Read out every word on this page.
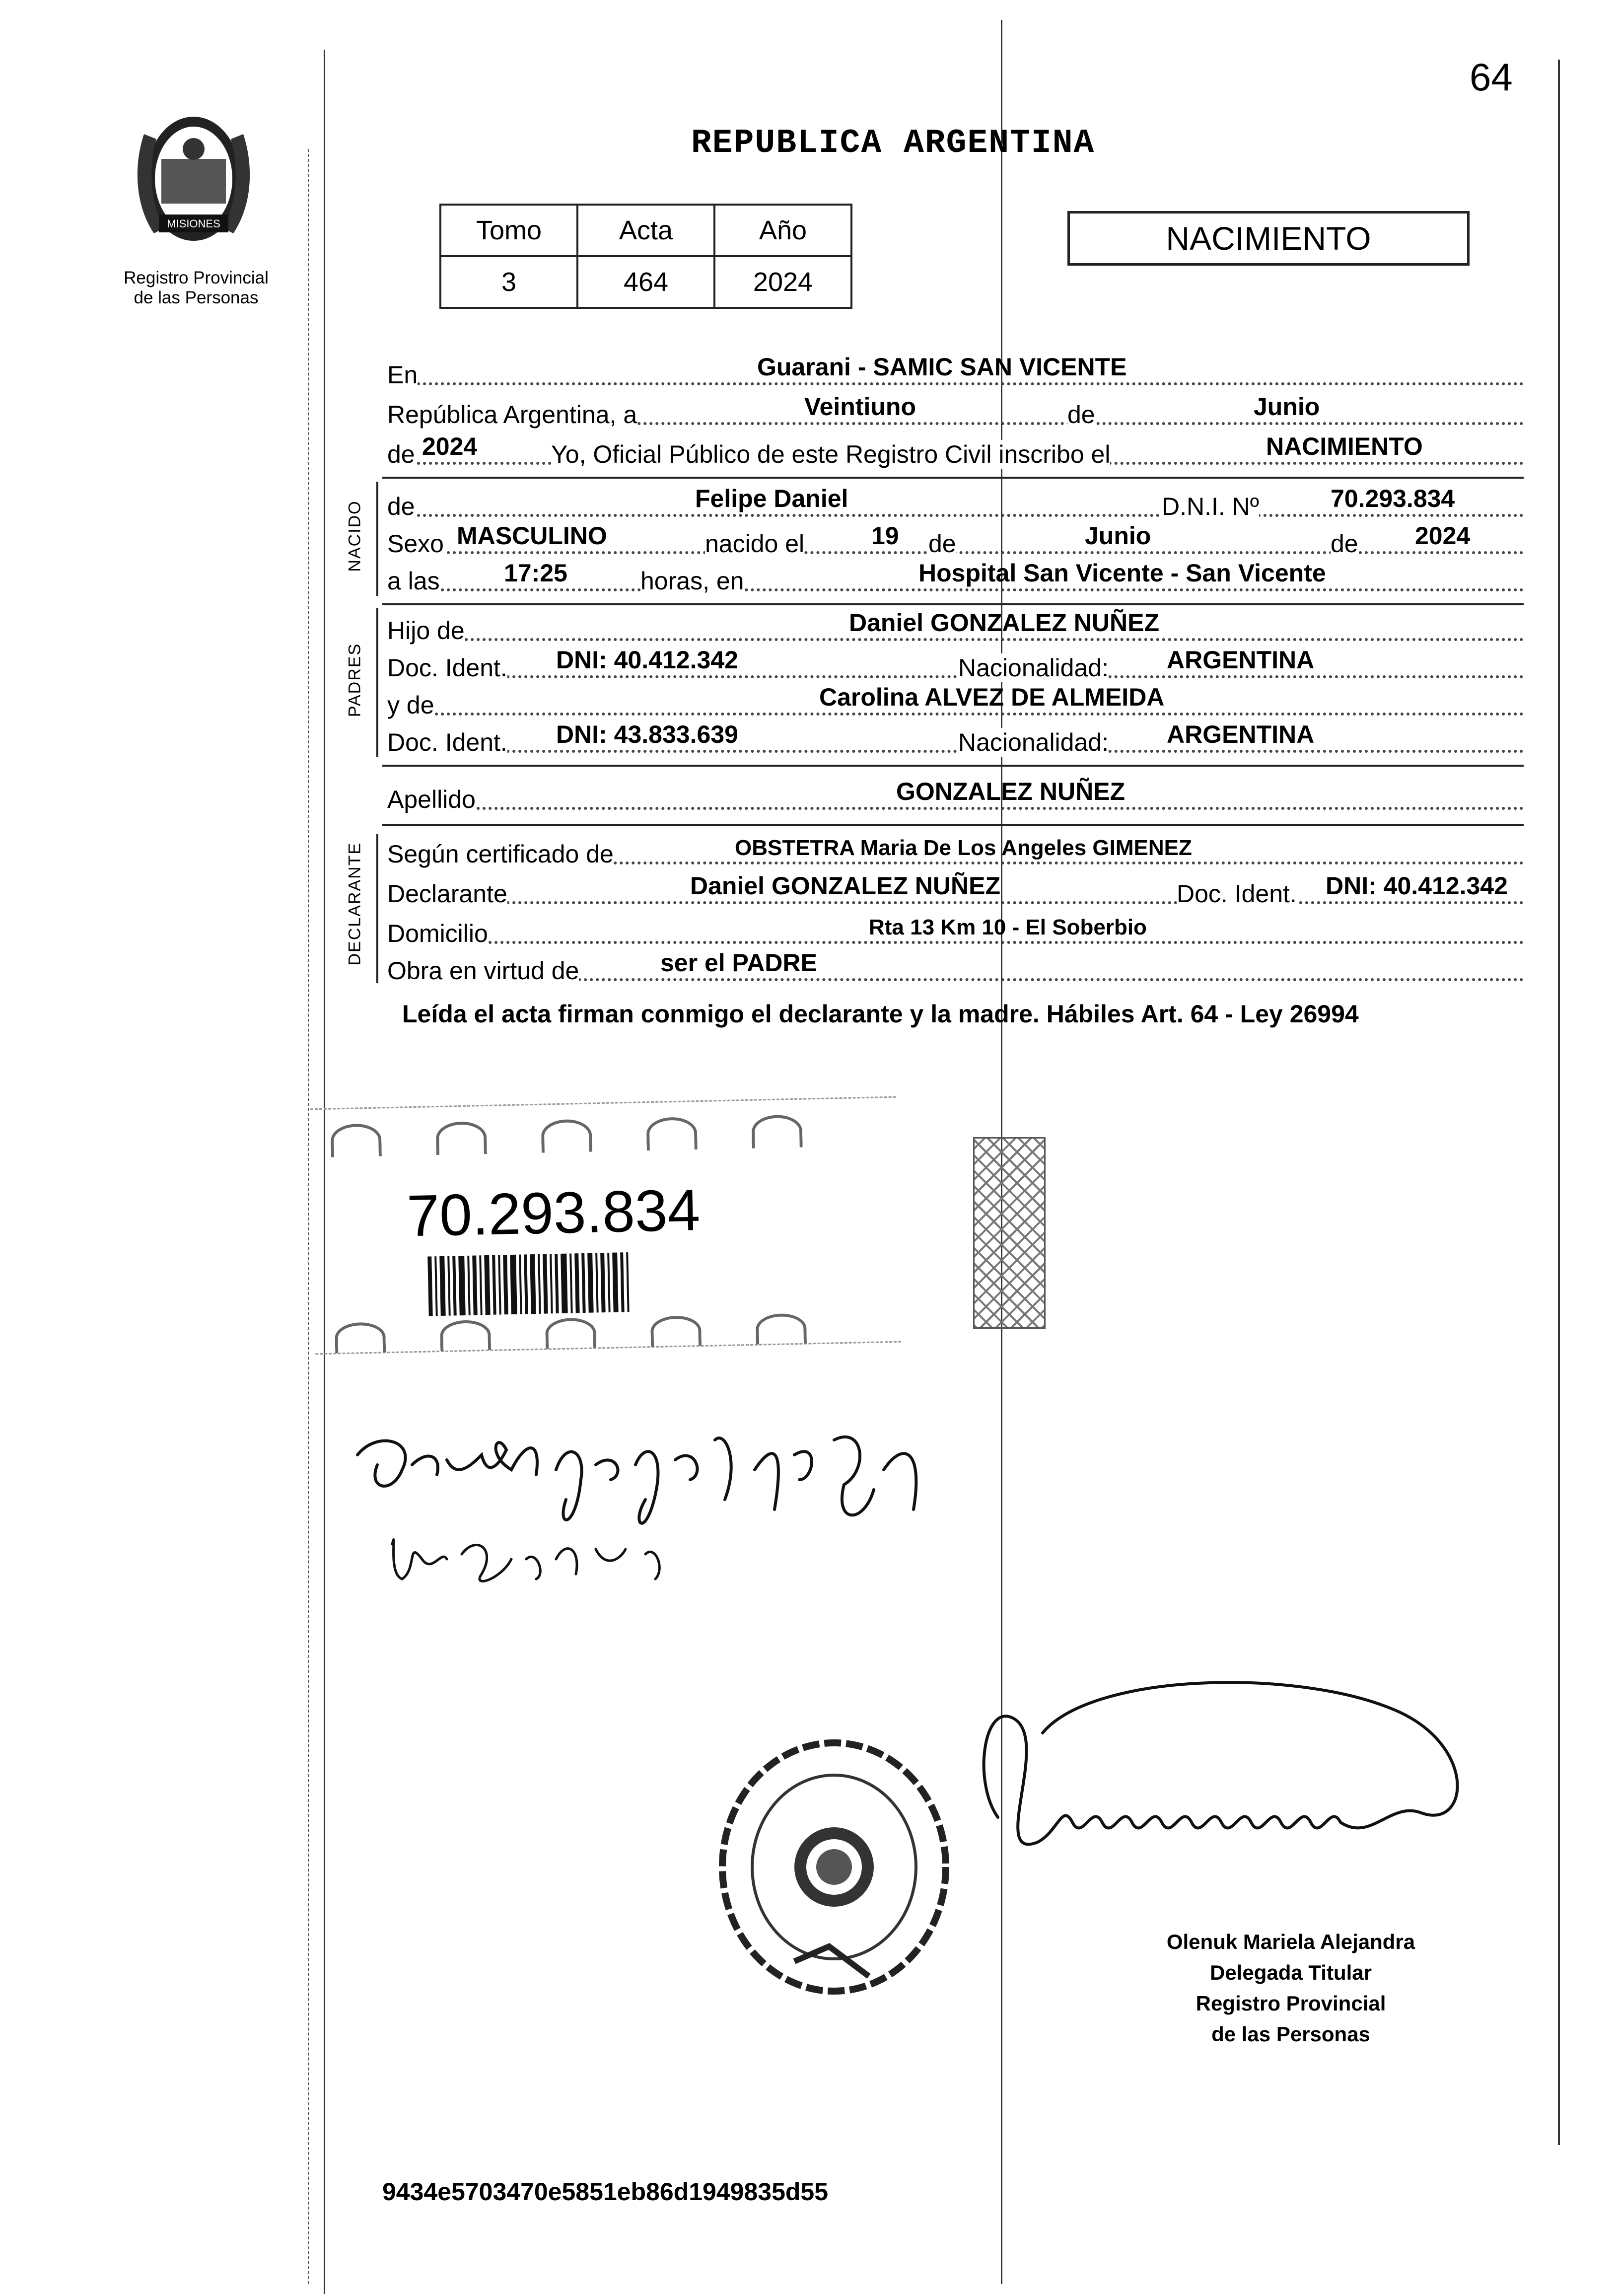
64
MISIONES
Registro Provincial de las Personas
REPUBLICA ARGENTINA
Tomo	Acta	Año
3	464	2024
NACIMIENTO
En	Guarani - SAMIC SAN VICENTE
República Argentina, a	Veintiuno	de	Junio
de 2024	Yo, Oficial Público de este Registro Civil inscribo el	NACIMIENTO
NACIDO de	Felipe Daniel	D.N.I. Nº	70.293.834
Sexo MASCULINO	nacido el	19 de	Junio	de 2024
a las	17:25	horas, en	Hospital San Vicente - San Vicente
PADRES
Hijo de	Daniel GONZALEZ NUÑEZ
Doc. Ident. DNI: 40.412.342	Nacionalidad: ARGENTINA
y de	Carolina ALVEZ DE ALMEIDA
Doc. Ident. DNI: 43.833.639	Nacionalidad: ARGENTINA
Apellido	GONZALEZ NUÑEZ
DECLARANTE Según certificado de	OBSTETRA Maria De Los Angeles GIMENEZ
Declarante	Daniel GONZALEZ NUÑEZ	Doc. Ident. DNI: 40.412.342
Domicilio	Rta 13 Km 10 - El Soberbio
Obra en virtud de	ser el PADRE
Leída el acta firman conmigo el declarante y la madre. Hábiles Art. 64 - Ley 26994
70.293.834
Olenuk Mariela Alejandra
Delegada Titular
Registro Provincial
de las Personas
9434e5703470e5851eb86d1949835d55
